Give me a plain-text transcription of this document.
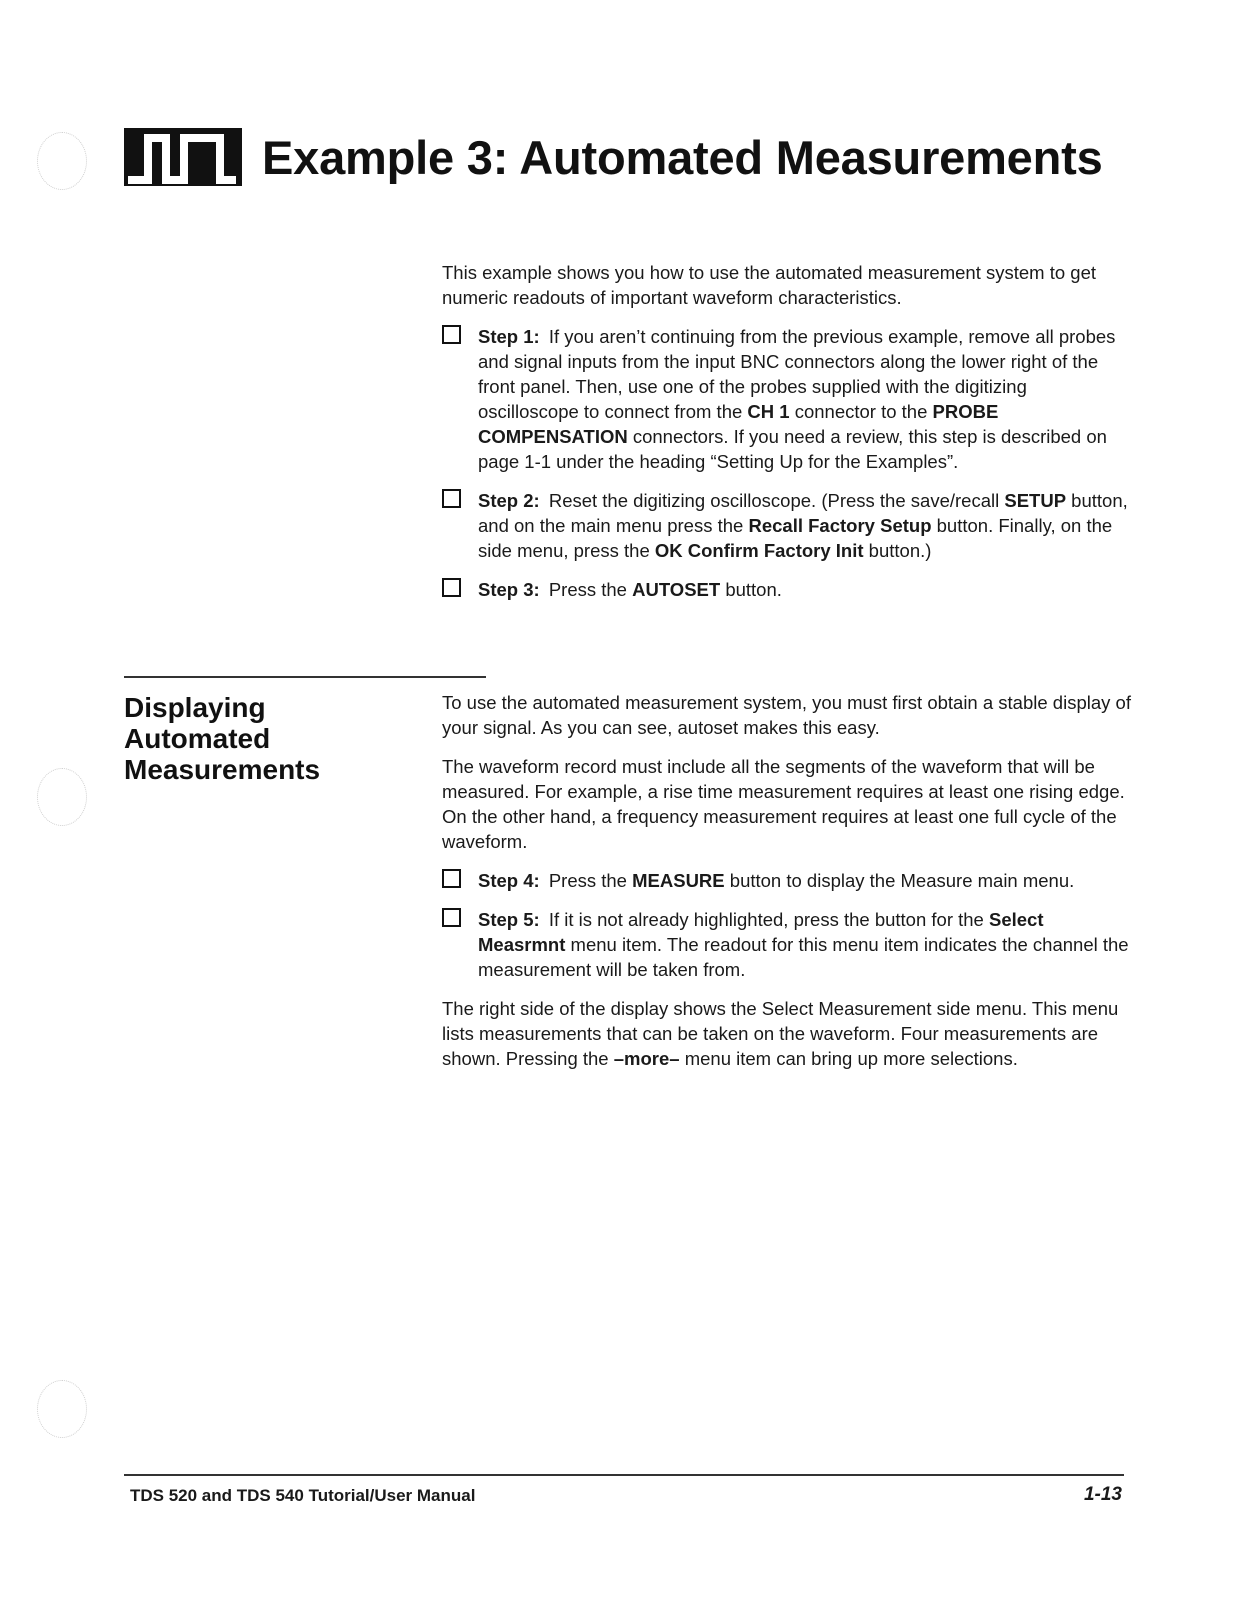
Example 3: Automated Measurements

This example shows you how to use the automated measurement system to get numeric readouts of important waveform characteristics.

Step 1: If you aren’t continuing from the previous example, remove all probes and signal inputs from the input BNC connectors along the lower right of the front panel. Then, use one of the probes supplied with the digitizing oscilloscope to connect from the CH 1 connector to the PROBE COMPENSATION connectors. If you need a review, this step is described on page 1-1 under the heading “Setting Up for the Examples”.
Step 2: Reset the digitizing oscilloscope. (Press the save/recall SETUP button, and on the main menu press the Recall Factory Setup button. Finally, on the side menu, press the OK Confirm Factory Init button.)
Step 3: Press the AUTOSET button.
Displaying Automated Measurements

To use the automated measurement system, you must first obtain a stable display of your signal. As you can see, autoset makes this easy.

The waveform record must include all the segments of the waveform that will be measured. For example, a rise time measurement requires at least one rising edge. On the other hand, a frequency measurement requires at least one full cycle of the waveform.

Step 4: Press the MEASURE button to display the Measure main menu.
Step 5: If it is not already highlighted, press the button for the Select Measrmnt menu item. The readout for this menu item indicates the channel the measurement will be taken from.

The right side of the display shows the Select Measurement side menu. This menu lists measurements that can be taken on the waveform. Four measurements are shown. Pressing the –more– menu item can bring up more selections.

TDS 520 and TDS 540 Tutorial/User Manual	1-13
